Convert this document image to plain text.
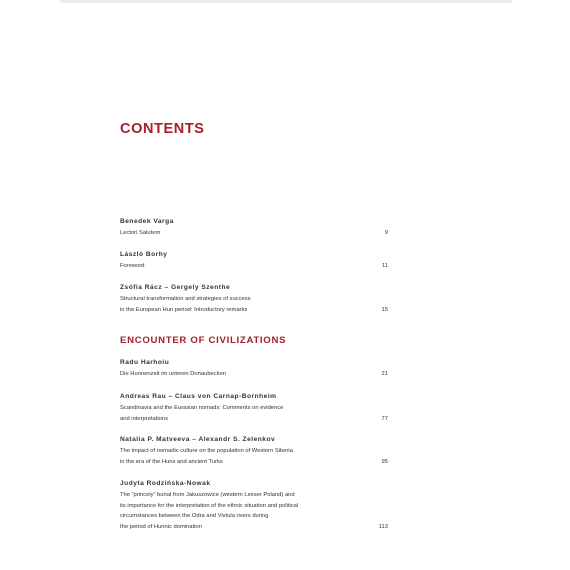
CONTENTS
Benedek Varga
Lectori Salutem	9
László Borhy
Foreword	11
Zsófia Rácz – Gergely Szenthe
Structural transformation and strategies of success
in the European Hun period: Introductory remarks	15
ENCOUNTER OF CIVILIZATIONS
Radu Harhoiu
Die Hunnenzeit im unteren Donaubecken	21
Andreas Rau – Claus von Carnap-Bornheim
Scandinavia and the Eurasian nomads: Comments on evidence
and interpretations	77
Natalia P. Matveeva – Alexandr S. Zelenkov
The impact of nomadic culture on the population of Western Siberia
in the era of the Huns and ancient Turks	95
Judyta Rodzińska-Nowak
The “princely” burial from Jakuszowice (western Lesser Poland) and
its importance for the interpretation of the ethnic situation and political
circumstances between the Odra and Vistula rivers during
the period of Hunnic domination	113
